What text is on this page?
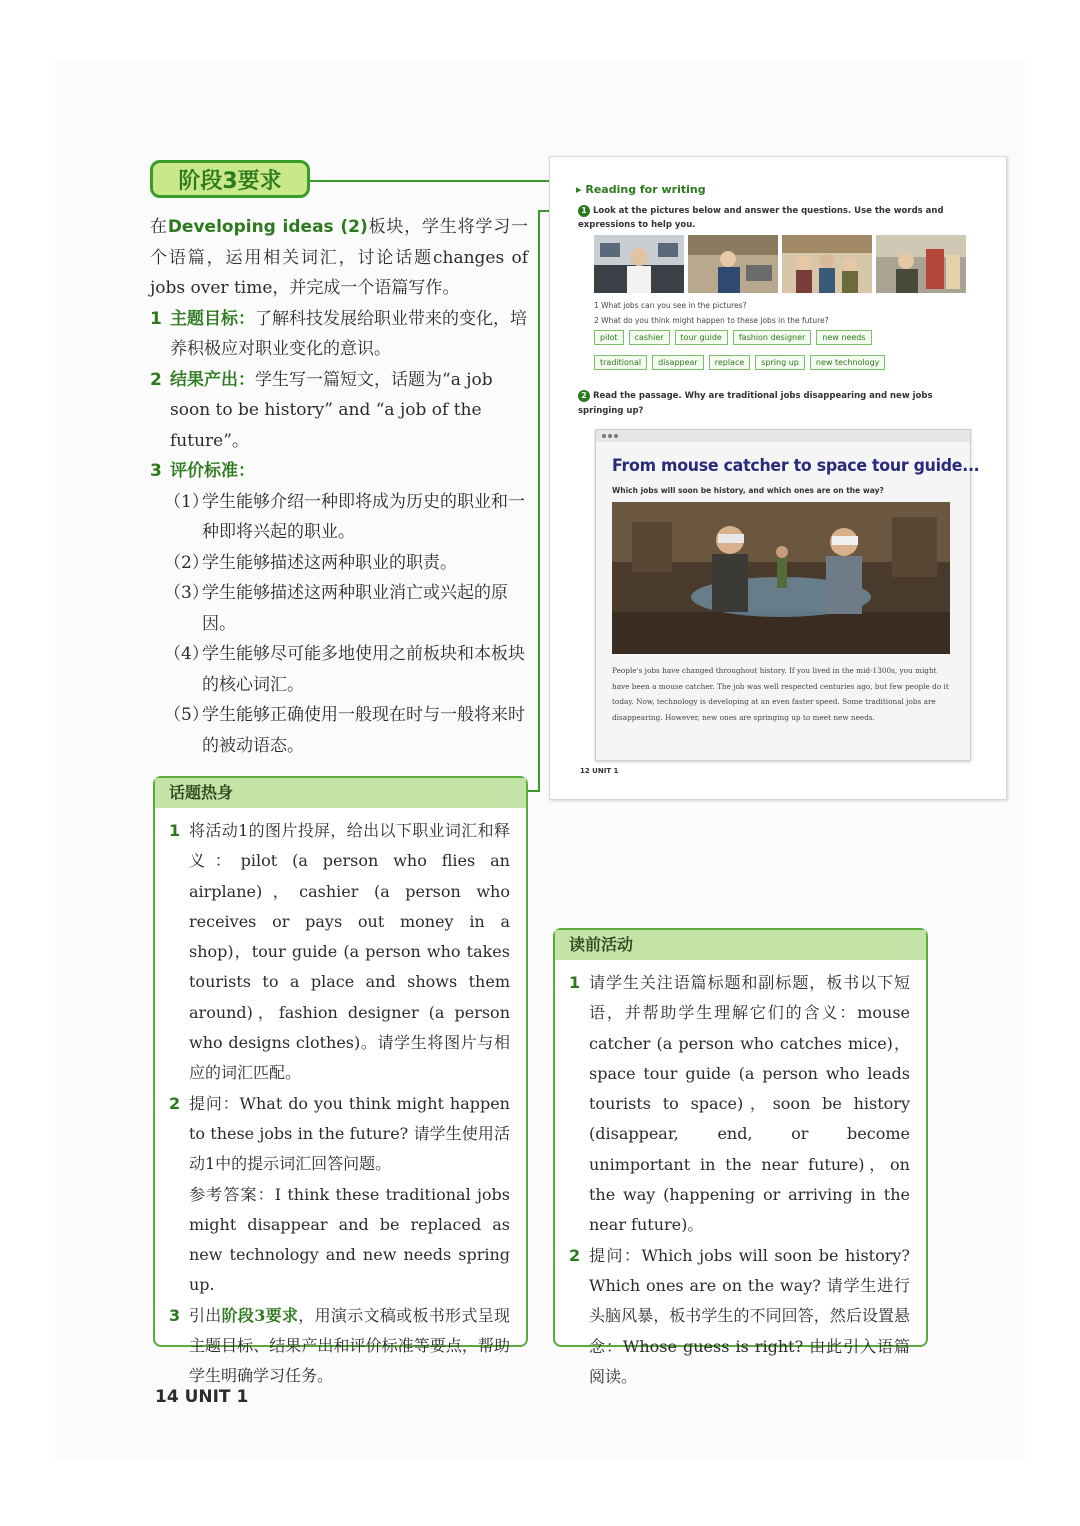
阶段3要求

在Developing ideas (2)板块，学生将学习一个语篇，运用相关词汇，讨论话题changes of jobs over time，并完成一个语篇写作。

1 主题目标：了解科技发展给职业带来的变化，培养积极应对职业变化的意识。
2 结果产出：学生写一篇短文，话题为“a job soon to be history” and “a job of the future”。
3 评价标准：
（1）
学生能够介绍一种即将成为历史的职业和一种即将兴起的职业。
（2）
学生能够描述这两种职业的职责。
（3）
学生能够描述这两种职业消亡或兴起的原因。
（4）
学生能够尽可能多地使用之前板块和本板块的核心词汇。
（5）
学生能够正确使用一般现在时与一般将来时的被动语态。
话题热身
1 将活动1的图片投屏，给出以下职业词汇和释义：pilot (a person who flies an airplane)，cashier (a person who receives or pays out money in a shop)，tour guide (a person who takes tourists to a place and shows them around)，fashion designer (a person who designs clothes)。请学生将图片与相应的词汇匹配。
2 提问：What do you think might happen to these jobs in the future? 请学生使用活动1中的提示词汇回答问题。
参考答案：I think these traditional jobs might disappear and be replaced as new technology and new needs spring up.
3 引出阶段3要求，用演示文稿或板书形式呈现主题目标、结果产出和评价标准等要点，帮助学生明确学习任务。
读前活动
1 请学生关注语篇标题和副标题，板书以下短语，并帮助学生理解它们的含义：mouse catcher (a person who catches mice)，space tour guide (a person who leads tourists to space)，soon be history (disappear, end, or become unimportant in the near future)，on the way (happening or arriving in the near future)。
2 提问：Which jobs will soon be history? Which ones are on the way? 请学生进行头脑风暴，板书学生的不同回答，然后设置悬念：Whose guess is right? 由此引入语篇阅读。
▸ Reading for writing
1 Look at the pictures below and answer the questions. Use the words and expressions to help you.
1 What jobs can you see in the pictures?
2 What do you think might happen to these jobs in the future?
pilot	cashier	tour guide	fashion designer	new needs
traditional	disappear	replace	spring up	new technology
2 Read the passage. Why are traditional jobs disappearing and new jobs springing up?
From mouse catcher to space tour guide...
Which jobs will soon be history, and which ones are on the way?
People's jobs have changed throughout history. If you lived in the mid-1300s, you might have been a mouse catcher. The job was well respected centuries ago, but few people do it today. Now, technology is developing at an even faster speed. Some traditional jobs are disappearing. However, new ones are springing up to meet new needs.
12 UNIT 1
14 UNIT 1
